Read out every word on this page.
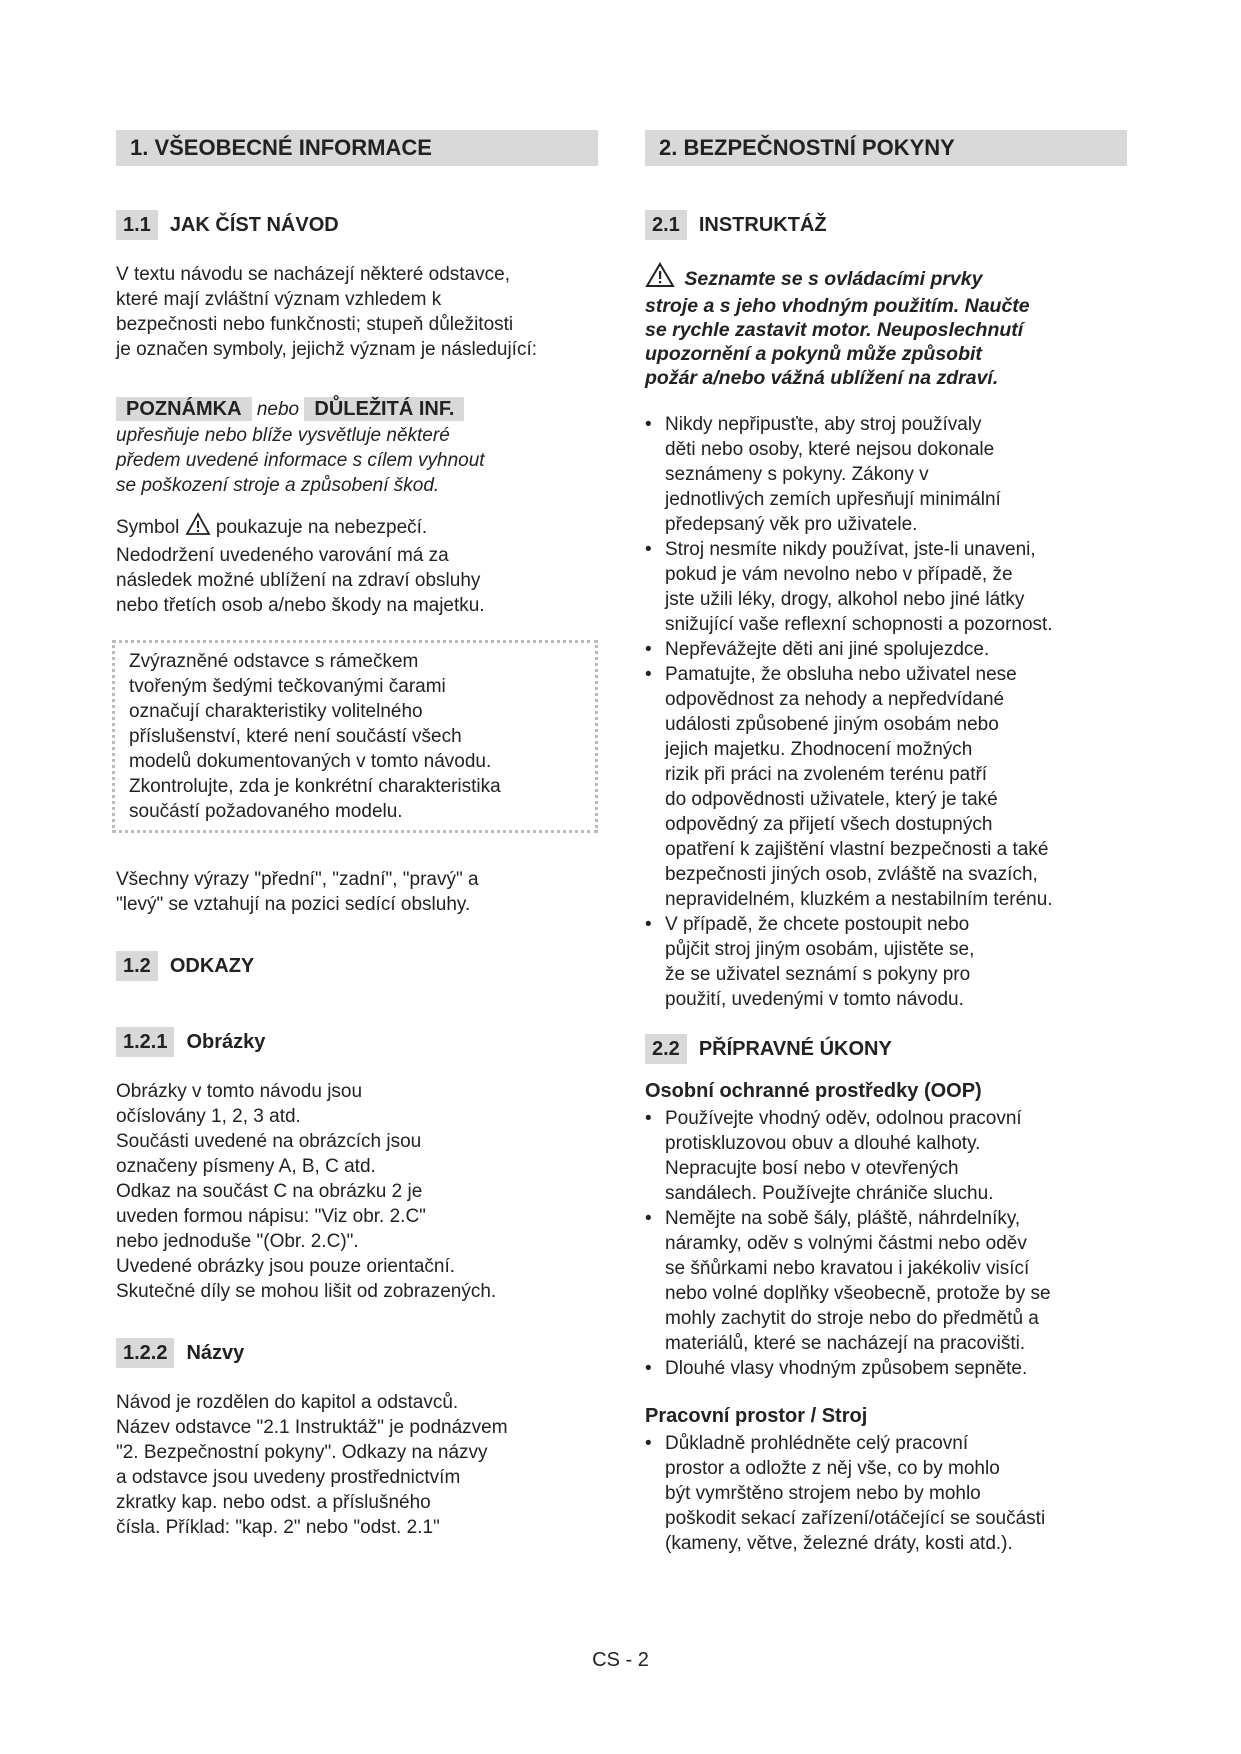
1. VŠEOBECNÉ INFORMACE
1.1 JAK ČÍST NÁVOD

V textu návodu se nacházejí některé odstavce,

které mají zvláštní význam vzhledem k

bezpečnosti nebo funkčnosti; stupeň důležitosti

je označen symboly, jejichž význam je následující:

POZNÁMKA nebo DŮLEŽITÁ INF.

upřesňuje nebo blíže vysvětluje některé

předem uvedené informace s cílem vyhnout

se poškození stroje a způsobení škod.

Symbol poukazuje na nebezpečí.

Nedodržení uvedeného varování má za

následek možné ublížení na zdraví obsluhy

nebo třetích osob a/nebo škody na majetku.

Zvýrazněné odstavce s rámečkem

tvořeným šedými tečkovanými čarami

označují charakteristiky volitelného

příslušenství, které není součástí všech

modelů dokumentovaných v tomto návodu.

Zkontrolujte, zda je konkrétní charakteristika

součástí požadovaného modelu.

Všechny výrazy "přední", "zadní", "pravý" a

"levý" se vztahují na pozici sedící obsluhy.

1.2 ODKAZY
1.2.1 Obrázky

Obrázky v tomto návodu jsou

očíslovány 1, 2, 3 atd.

Součásti uvedené na obrázcích jsou

označeny písmeny A, B, C atd.

Odkaz na součást C na obrázku 2 je

uveden formou nápisu: "Viz obr. 2.C"

nebo jednoduše "(Obr. 2.C)".

Uvedené obrázky jsou pouze orientační.

Skutečné díly se mohou lišit od zobrazených.

1.2.2 Názvy

Návod je rozdělen do kapitol a odstavců.

Název odstavce "2.1 Instruktáž" je podnázvem

"2. Bezpečnostní pokyny". Odkazy na názvy

a odstavce jsou uvedeny prostřednictvím

zkratky kap. nebo odst. a příslušného

čísla. Příklad: "kap. 2" nebo "odst. 2.1"

2. BEZPEČNOSTNÍ POKYNY
2.1 INSTRUKTÁŽ
Seznamte se s ovládacími prvky
stroje a s jeho vhodným použitím. Naučte
se rychle zastavit motor. Neuposlechnutí
upozornění a pokynů může způsobit
požár a/nebo vážná ublížení na zdraví.
• Nikdy nepřipusťte, aby stroj používaly
děti nebo osoby, které nejsou dokonale
seznámeny s pokyny. Zákony v
jednotlivých zemích upřesňují minimální
předepsaný věk pro uživatele.
• Stroj nesmíte nikdy používat, jste-li unaveni,
pokud je vám nevolno nebo v případě, že
jste užili léky, drogy, alkohol nebo jiné látky
snižující vaše reflexní schopnosti a pozornost.
• Nepřevážejte děti ani jiné spolujezdce.
• Pamatujte, že obsluha nebo uživatel nese
odpovědnost za nehody a nepředvídané
události způsobené jiným osobám nebo
jejich majetku. Zhodnocení možných
rizik při práci na zvoleném terénu patří
do odpovědnosti uživatele, který je také
odpovědný za přijetí všech dostupných
opatření k zajištění vlastní bezpečnosti a také
bezpečnosti jiných osob, zvláště na svazích,
nepravidelném, kluzkém a nestabilním terénu.
• V případě, že chcete postoupit nebo
půjčit stroj jiným osobám, ujistěte se,
že se uživatel seznámí s pokyny pro
použití, uvedenými v tomto návodu.
2.2 PŘÍPRAVNÉ ÚKONY
Osobní ochranné prostředky (OOP)
• Používejte vhodný oděv, odolnou pracovní
protiskluzovou obuv a dlouhé kalhoty.
Nepracujte bosí nebo v otevřených
sandálech. Používejte chrániče sluchu.
• Nemějte na sobě šály, pláště, náhrdelníky,
náramky, oděv s volnými částmi nebo oděv
se šňůrkami nebo kravatou i jakékoliv visící
nebo volné doplňky všeobecně, protože by se
mohly zachytit do stroje nebo do předmětů a
materiálů, které se nacházejí na pracovišti.
• Dlouhé vlasy vhodným způsobem sepněte.
Pracovní prostor / Stroj
• Důkladně prohlédněte celý pracovní
prostor a odložte z něj vše, co by mohlo
být vymrštěno strojem nebo by mohlo
poškodit sekací zařízení/otáčející se součásti
(kameny, větve, železné dráty, kosti atd.).
CS - 2
